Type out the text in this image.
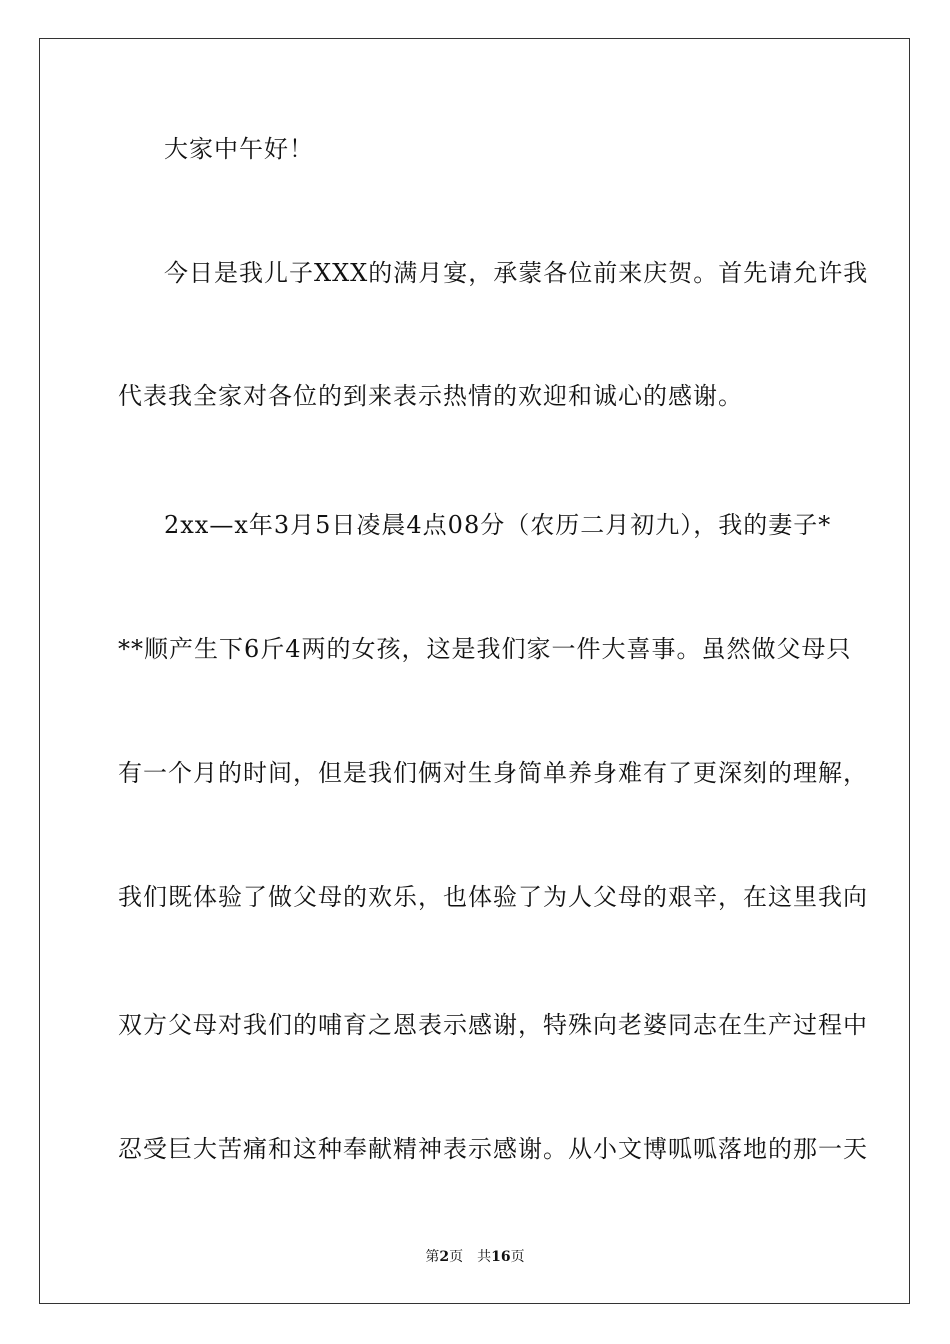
大家中午好！
今日是我儿子XXX的满月宴，承蒙各位前来庆贺。首先请允许我
代表我全家对各位的到来表示热情的欢迎和诚心的感谢。
2xx—x年3月5日凌晨4点08分（农历二月初九），我的妻子*
**顺产生下6斤4两的女孩，这是我们家一件大喜事。虽然做父母只
有一个月的时间，但是我们俩对生身简单养身难有了更深刻的理解，
我们既体验了做父母的欢乐，也体验了为人父母的艰辛，在这里我向
双方父母对我们的哺育之恩表示感谢，特殊向老婆同志在生产过程中
忍受巨大苦痛和这种奉献精神表示感谢。从小文博呱呱落地的那一天
第2页 共16页
